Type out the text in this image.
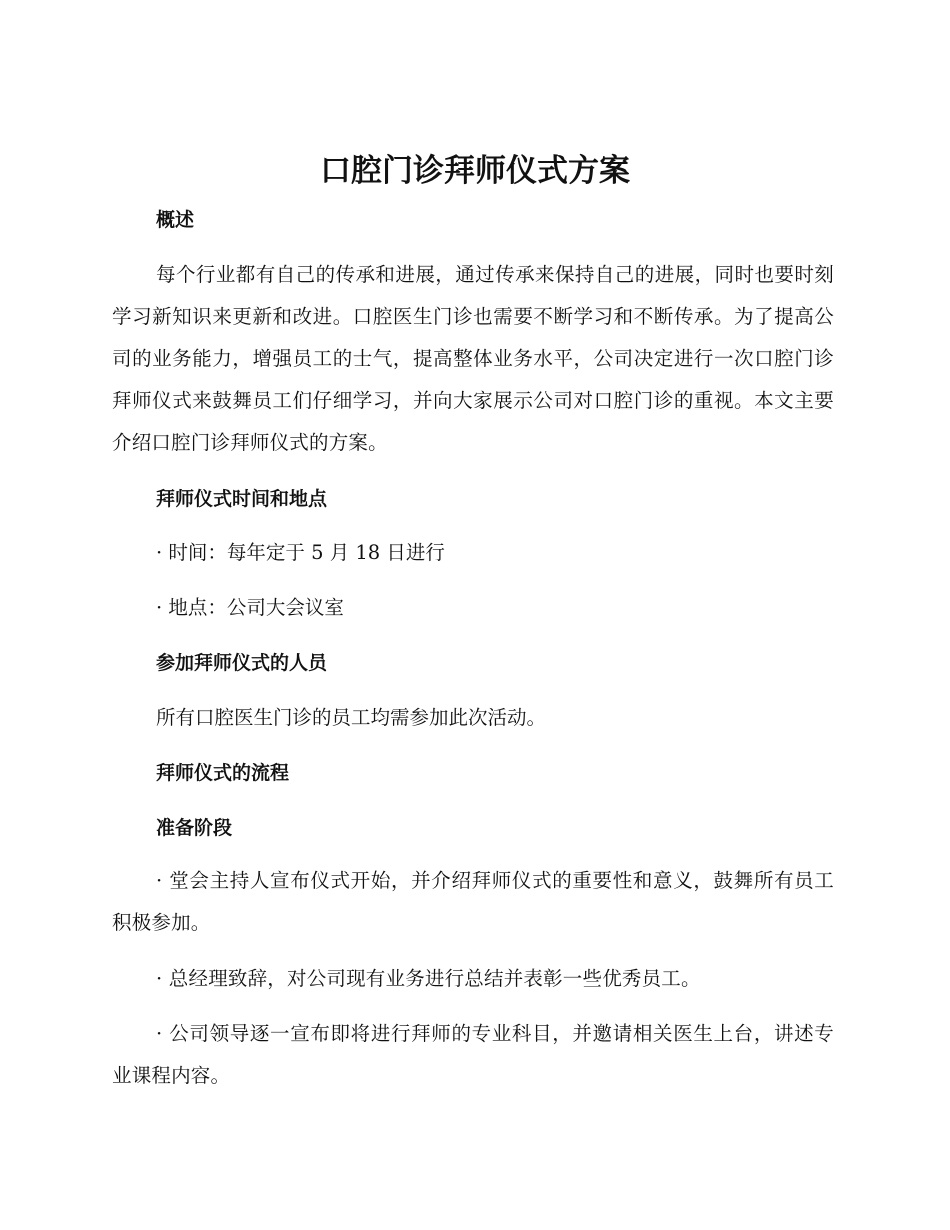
口腔门诊拜师仪式方案
概述

每个行业都有自己的传承和进展，通过传承来保持自己的进展，同时也要时刻学习新知识来更新和改进。口腔医生门诊也需要不断学习和不断传承。为了提高公司的业务能力，增强员工的士气，提高整体业务水平，公司决定进行一次口腔门诊拜师仪式来鼓舞员工们仔细学习，并向大家展示公司对口腔门诊的重视。本文主要介绍口腔门诊拜师仪式的方案。

拜师仪式时间和地点

· 时间：每年定于 5 月 18 日进行

· 地点：公司大会议室

参加拜师仪式的人员

所有口腔医生门诊的员工均需参加此次活动。

拜师仪式的流程
准备阶段

· 堂会主持人宣布仪式开始，并介绍拜师仪式的重要性和意义，鼓舞所有员工积极参加。

· 总经理致辞，对公司现有业务进行总结并表彰一些优秀员工。

· 公司领导逐一宣布即将进行拜师的专业科目，并邀请相关医生上台，讲述专业课程内容。
